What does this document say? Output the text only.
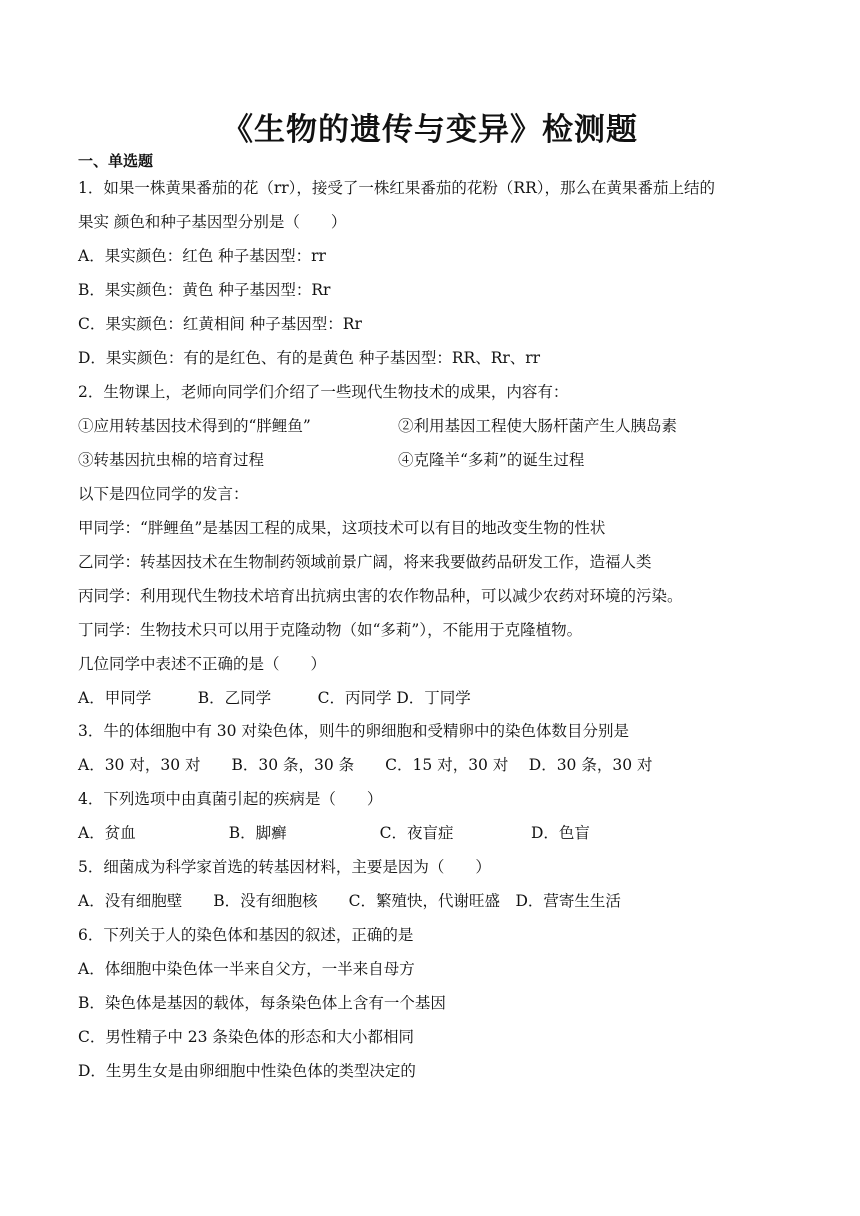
《生物的遗传与变异》检测题
一、单选题
1．如果一株黄果番茄的花（rr），接受了一株红果番茄的花粉（RR），那么在黄果番茄上结的
果实 颜色和种子基因型分别是（　　）
A．果实颜色：红色 种子基因型：rr
B．果实颜色：黄色 种子基因型：Rr
C．果实颜色：红黄相间 种子基因型：Rr
D．果实颜色：有的是红色、有的是黄色 种子基因型：RR、Rr、rr
2．生物课上，老师向同学们介绍了一些现代生物技术的成果，内容有：
①应用转基因技术得到的“胖鲤鱼”	②利用基因工程使大肠杆菌产生人胰岛素
③转基因抗虫棉的培育过程	④克隆羊“多莉”的诞生过程
以下是四位同学的发言：
甲同学：“胖鲤鱼”是基因工程的成果，这项技术可以有目的地改变生物的性状
乙同学：转基因技术在生物制药领域前景广阔，将来我要做药品研发工作，造福人类
丙同学：利用现代生物技术培育出抗病虫害的农作物品种，可以减少农药对环境的污染。
丁同学：生物技术只可以用于克隆动物（如“多莉”），不能用于克隆植物。
几位同学中表述不正确的是（　　）
A．甲同学　　　B．乙同学　　　C．丙同学 D．丁同学
3．牛的体细胞中有 30 对染色体，则牛的卵细胞和受精卵中的染色体数目分别是
A．30 对，30 对　　B．30 条，30 条　　C．15 对，30 对　 D．30 条，30 对
4．下列选项中由真菌引起的疾病是（　　）
A．贫血　　　　　　B．脚癣　　　　　　C．夜盲症　　　　　D．色盲
5．细菌成为科学家首选的转基因材料，主要是因为（　　）
A．没有细胞壁　　B．没有细胞核　　C．繁殖快，代谢旺盛　D．营寄生生活
6．下列关于人的染色体和基因的叙述，正确的是
A．体细胞中染色体一半来自父方，一半来自母方
B．染色体是基因的载体，每条染色体上含有一个基因
C．男性精子中 23 条染色体的形态和大小都相同
D．生男生女是由卵细胞中性染色体的类型决定的
